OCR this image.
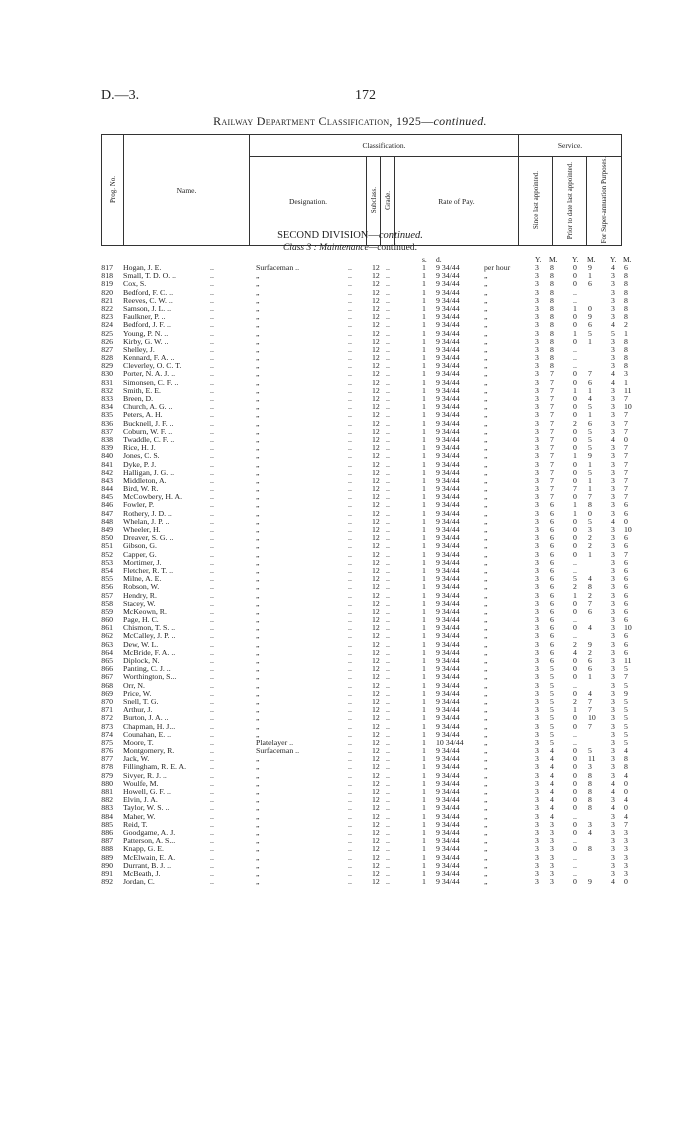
D.—3.	172
Railway Department Classification, 1925—continued.
Prog. No.	Name.	Classification.				Service.		
		Designation.	Subclass.	Grade.	Rate of Pay.	Since last appointed.	Prior to date last appointed.	For Super-annuation Purposes.
SECOND DIVISION—continued.
Class 3 : Maintenance—continued.
s. d.	Y. M. Y. M. Y. M.
817 Hogan, J. E.	..	Surfaceman ..	..	12 ..	1 9 34/44	per hour	3 8 0 9 4 6
818 Small, T. D. O. ..	..	„	..	12 ..	1 9 34/44	„	3 8 0 1 3 8
819 Cox, S.	..	„	..	12 ..	1 9 34/44	„	3 8 0 6 3 8
820 Bedford, F. C. ..	..	„	..	12 ..	1 9 34/44	„	3 8 ..	3 8
821 Reeves, C. W. ..	..	„	..	12 ..	1 9 34/44	„	3 8 ..	3 8
822 Samson, J. L. ..	..	„	..	12 ..	1 9 34/44	„	3 8 1 0 3 8
823 Faulkner, P. ..	..	„	..	12 ..	1 9 34/44	„	3 8 0 9 3 8
824 Bedford, J. F. ..	..	„	..	12 ..	1 9 34/44	„	3 8 0 6 4 2
825 Young, P. N. ..	..	„	..	12 ..	1 9 34/44	„	3 8 1 5 5 1
826 Kirby, G. W. ..	..	„	..	12 ..	1 9 34/44	„	3 8 0 1 3 8
827 Shelley, J.	..	„	..	12 ..	1 9 34/44	„	3 8 ..	3 8
828 Kennard, F. A. ..	..	„	..	12 ..	1 9 34/44	„	3 8 ..	3 8
829 Cleverley, O. C. T.	..	„	..	12 ..	1 9 34/44	„	3 8 ..	3 8
830 Porter, N. A. J. ..	..	„	..	12 ..	1 9 34/44	„	3 7 0 7 4 3
831 Simonsen, C. F. ..	..	„	..	12 ..	1 9 34/44	„	3 7 0 6 4 1
832 Smith, E. E.	..	„	..	12 ..	1 9 34/44	„	3 7 1 1 3 11
833 Breen, D.	..	„	..	12 ..	1 9 34/44	„	3 7 0 4 3 7
834 Church, A. G. ..	..	„	..	12 ..	1 9 34/44	„	3 7 0 5 3 10
835 Peters, A. H.	..	„	..	12 ..	1 9 34/44	„	3 7 0 1 3 7
836 Bucknell, J. F. ..	..	„	..	12 ..	1 9 34/44	„	3 7 2 6 3 7
837 Coburn, W. F. ..	..	„	..	12 ..	1 9 34/44	„	3 7 0 5 3 7
838 Twaddle, C. F. ..	..	„	..	12 ..	1 9 34/44	„	3 7 0 5 4 0
839 Rice, H. J.	..	„	..	12 ..	1 9 34/44	„	3 7 0 5 3 7
840 Jones, C. S.	..	„	..	12 ..	1 9 34/44	„	3 7 1 9 3 7
841 Dyke, P. J.	..	„	..	12 ..	1 9 34/44	„	3 7 0 1 3 7
842 Halligan, J. G. ..	..	„	..	12 ..	1 9 34/44	„	3 7 0 5 3 7
843 Middleton, A.	..	„	..	12 ..	1 9 34/44	„	3 7 0 1 3 7
844 Bird, W. R.	..	„	..	12 ..	1 9 34/44	„	3 7 7 1 3 7
845 McCowbery, H. A.	..	„	..	12 ..	1 9 34/44	„	3 7 0 7 3 7
846 Fowler, P.	..	„	..	12 ..	1 9 34/44	„	3 6 1 8 3 6
847 Rothery, J. D. ..	..	„	..	12 ..	1 9 34/44	„	3 6 1 0 3 6
848 Whelan, J. P. ..	..	„	..	12 ..	1 9 34/44	„	3 6 0 5 4 0
849 Wheeler, H.	..	„	..	12 ..	1 9 34/44	„	3 6 0 3 3 10
850 Dreaver, S. G. ..	..	„	..	12 ..	1 9 34/44	„	3 6 0 2 3 6
851 Gibson, G.	..	„	..	12 ..	1 9 34/44	„	3 6 0 2 3 6
852 Capper, G.	..	„	..	12 ..	1 9 34/44	„	3 6 0 1 3 7
853 Mortimer, J.	..	„	..	12 ..	1 9 34/44	„	3 6 ..	3 6
854 Fletcher, R. T. ..	..	„	..	12 ..	1 9 34/44	„	3 6 ..	3 6
855 Milne, A. E.	..	„	..	12 ..	1 9 34/44	„	3 6 5 4 3 6
856 Robson, W.	..	„	..	12 ..	1 9 34/44	„	3 6 2 8 3 6
857 Hendry, R.	..	„	..	12 ..	1 9 34/44	„	3 6 1 2 3 6
858 Stacey, W.	..	„	..	12 ..	1 9 34/44	„	3 6 0 7 3 6
859 McKeown, R.	..	„	..	12 ..	1 9 34/44	„	3 6 0 6 3 6
860 Page, H. C.	..	„	..	12 ..	1 9 34/44	„	3 6 ..	3 6
861 Chismon, T. S. ..	..	„	..	12 ..	1 9 34/44	„	3 6 0 4 3 10
862 McCalley, J. P. ..	..	„	..	12 ..	1 9 34/44	„	3 6 ..	3 6
863 Dew, W. L.	..	„	..	12 ..	1 9 34/44	„	3 6 2 9 3 6
864 McBride, F. A. ..	..	„	..	12 ..	1 9 34/44	„	3 6 4 2 3 6
865 Diplock, N.	..	„	..	12 ..	1 9 34/44	„	3 6 0 6 3 11
866 Panting, C. J. ..	..	„	..	12 ..	1 9 34/44	„	3 5 0 6 3 5
867 Worthington, S...	..	„	..	12 ..	1 9 34/44	„	3 5 0 1 3 7
868 Orr, N.	..	„	..	12 ..	1 9 34/44	„	3 5 ..	3 5
869 Price, W.	..	„	..	12 ..	1 9 34/44	„	3 5 0 4 3 9
870 Snell, T. G.	..	„	..	12 ..	1 9 34/44	„	3 5 2 7 3 5
871 Arthur, J.	..	„	..	12 ..	1 9 34/44	„	3 5 1 7 3 5
872 Burton, J. A. ..	..	„	..	12 ..	1 9 34/44	„	3 5 0 10 3 5
873 Chapman, H. J...	..	„	..	12 ..	1 9 34/44	„	3 5 0 7 3 5
874 Counahan, E. ..	..	„	..	12 ..	1 9 34/44	„	3 5 ..	3 5
875 Moore, T.	..	Platelayer ..	..	12 ..	1 10 34/44	„	3 5 ..	3 5
876 Montgomery, R.	..	Surfaceman ..	..	12 ..	1 9 34/44	„	3 4 0 5 3 4
877 Jack, W.	..	„	..	12 ..	1 9 34/44	„	3 4 0 11 3 8
878 Fillingham, R. E. A.	..	„	..	12 ..	1 9 34/44	„	3 4 0 3 3 8
879 Sivyer, R. J. ..	..	„	..	12 ..	1 9 34/44	„	3 4 0 8 3 4
880 Woulfe, M.	..	„	..	12 ..	1 9 34/44	„	3 4 0 8 4 0
881 Howell, G. F. ..	..	„	..	12 ..	1 9 34/44	„	3 4 0 8 4 0
882 Elvin, J. A.	..	„	..	12 ..	1 9 34/44	„	3 4 0 8 3 4
883 Taylor, W. S. ..	..	„	..	12 ..	1 9 34/44	„	3 4 0 8 4 0
884 Maher, W.	..	„	..	12 ..	1 9 34/44	„	3 4 ..	3 4
885 Reid, T.	..	„	..	12 ..	1 9 34/44	„	3 3 0 3 3 7
886 Goodgame, A. J.	..	„	..	12 ..	1 9 34/44	„	3 3 0 4 3 3
887 Patterson, A. S...	..	„	..	12 ..	1 9 34/44	„	3 3 ..	3 3
888 Knapp, G. E.	..	„	..	12 ..	1 9 34/44	„	3 3 0 8 3 3
889 McElwain, E. A.	..	„	..	12 ..	1 9 34/44	„	3 3 ..	3 3
890 Durrant, B. J. ..	..	„	..	12 ..	1 9 34/44	„	3 3 ..	3 3
891 McBeath, J.	..	„	..	12 ..	1 9 34/44	„	3 3 ..	3 3
892 Jordan, C.	..	„	..	12 ..	1 9 34/44	„	3 3 0 9 4 0
